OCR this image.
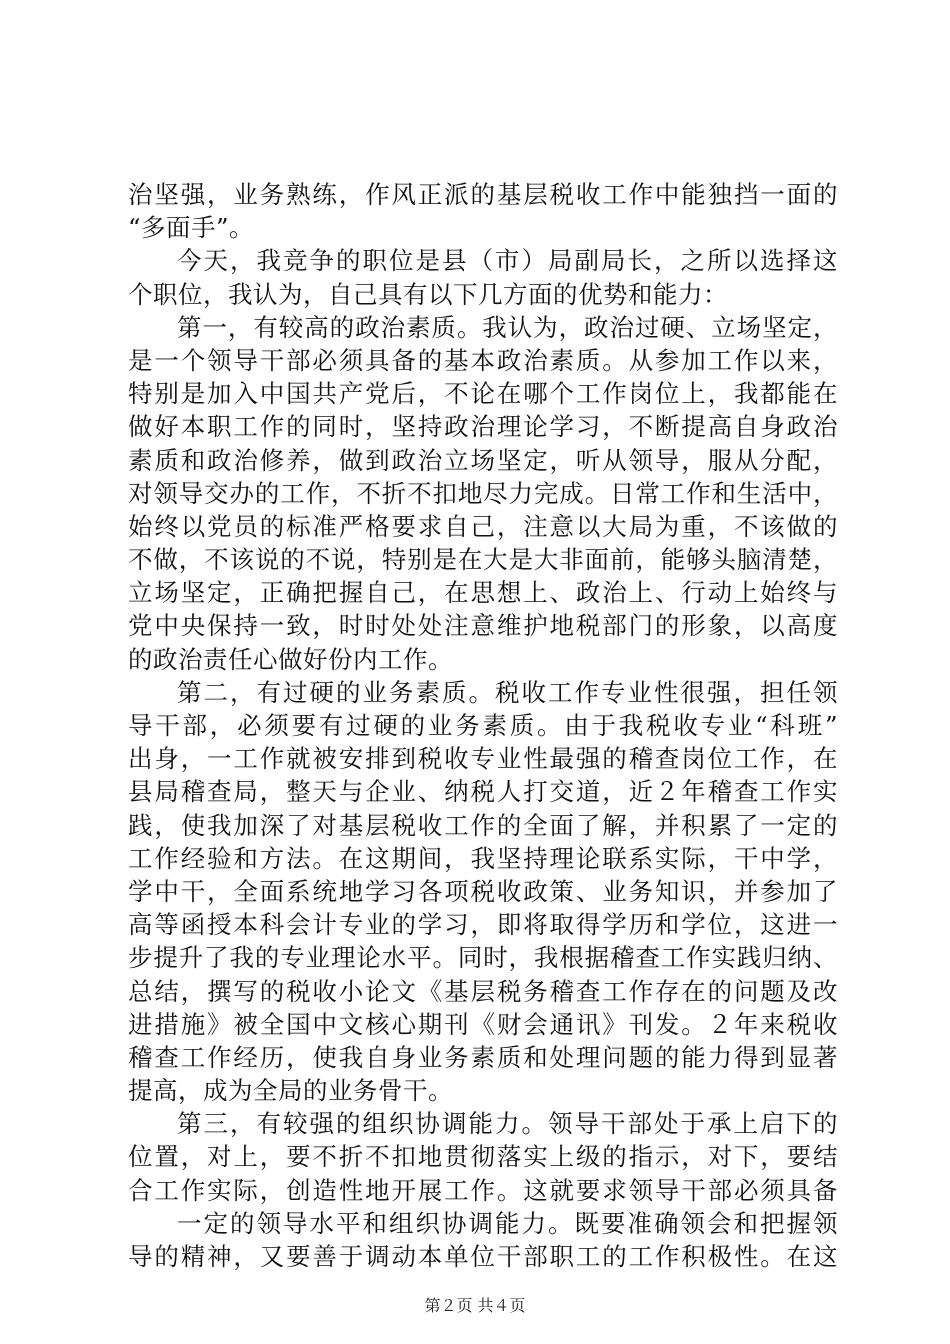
治坚强，业务熟练，作风正派的基层税收工作中能独挡一面的
“多面手”。
今天，我竞争的职位是县（市）局副局长，之所以选择这
个职位，我认为，自己具有以下几方面的优势和能力：
第一，有较高的政治素质。我认为，政治过硬、立场坚定，
是一个领导干部必须具备的基本政治素质。从参加工作以来，
特别是加入中国共产党后，不论在哪个工作岗位上，我都能在
做好本职工作的同时，坚持政治理论学习，不断提高自身政治
素质和政治修养，做到政治立场坚定，听从领导，服从分配，
对领导交办的工作，不折不扣地尽力完成。日常工作和生活中，
始终以党员的标准严格要求自己，注意以大局为重，不该做的
不做，不该说的不说，特别是在大是大非面前，能够头脑清楚，
立场坚定，正确把握自己，在思想上、政治上、行动上始终与
党中央保持一致，时时处处注意维护地税部门的形象，以高度
的政治责任心做好份内工作。
第二，有过硬的业务素质。税收工作专业性很强，担任领
导干部，必须要有过硬的业务素质。由于我税收专业“科班”
出身，一工作就被安排到税收专业性最强的稽查岗位工作，在
县局稽查局，整天与企业、纳税人打交道，近２年稽查工作实
践，使我加深了对基层税收工作的全面了解，并积累了一定的
工作经验和方法。在这期间，我坚持理论联系实际，干中学，
学中干，全面系统地学习各项税收政策、业务知识，并参加了
高等函授本科会计专业的学习，即将取得学历和学位，这进一
步提升了我的专业理论水平。同时，我根据稽查工作实践归纳、
总结，撰写的税收小论文《基层税务稽查工作存在的问题及改
进措施》被全国中文核心期刊《财会通讯》刊发。２年来税收
稽查工作经历，使我自身业务素质和处理问题的能力得到显著
提高，成为全局的业务骨干。
第三，有较强的组织协调能力。领导干部处于承上启下的
位置，对上，要不折不扣地贯彻落实上级的指示，对下，要结
合工作实际，创造性地开展工作。这就要求领导干部必须具备
一定的领导水平和组织协调能力。既要准确领会和把握领
导的精神，又要善于调动本单位干部职工的工作积极性。在这
第２页 共４页
